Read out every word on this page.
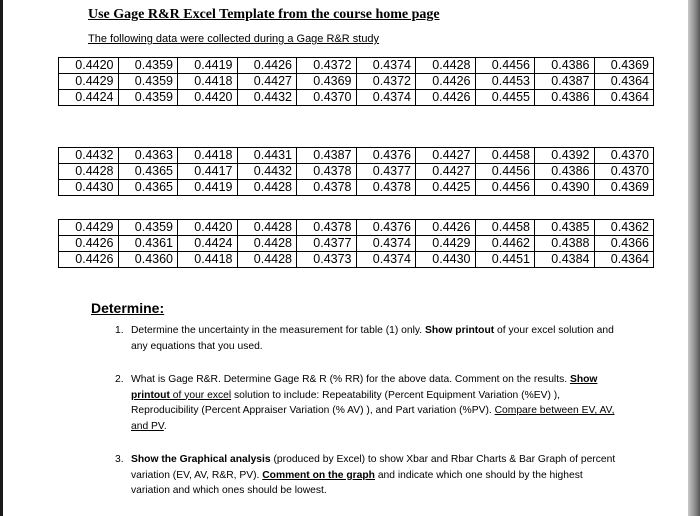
Use Gage R&R Excel Template from the course home page
The following data were collected during a Gage R&R study
0.4420	0.4359	0.4419	0.4426	0.4372	0.4374	0.4428	0.4456	0.4386	0.4369
0.4429	0.4359	0.4418	0.4427	0.4369	0.4372	0.4426	0.4453	0.4387	0.4364
0.4424	0.4359	0.4420	0.4432	0.4370	0.4374	0.4426	0.4455	0.4386	0.4364
0.4432	0.4363	0.4418	0.4431	0.4387	0.4376	0.4427	0.4458	0.4392	0.4370
0.4428	0.4365	0.4417	0.4432	0.4378	0.4377	0.4427	0.4456	0.4386	0.4370
0.4430	0.4365	0.4419	0.4428	0.4378	0.4378	0.4425	0.4456	0.4390	0.4369
0.4429	0.4359	0.4420	0.4428	0.4378	0.4376	0.4426	0.4458	0.4385	0.4362
0.4426	0.4361	0.4424	0.4428	0.4377	0.4374	0.4429	0.4462	0.4388	0.4366
0.4426	0.4360	0.4418	0.4428	0.4373	0.4374	0.4430	0.4451	0.4384	0.4364
Determine:
1. Determine the uncertainty in the measurement for table (1) only. Show printout of your excel solution and any equations that you used.
2. What is Gage R&R. Determine Gage R& R (% RR) for the above data. Comment on the results. Show printout of your excel solution to include: Repeatability (Percent Equipment Variation (%EV) ), Reproducibility (Percent Appraiser Variation (% AV) ), and Part variation (%PV). Compare between EV, AV, and PV.
3. Show the Graphical analysis (produced by Excel) to show Xbar and Rbar Charts & Bar Graph of percent variation (EV, AV, R&R, PV). Comment on the graph and indicate which one should by the highest variation and which ones should be lowest.
